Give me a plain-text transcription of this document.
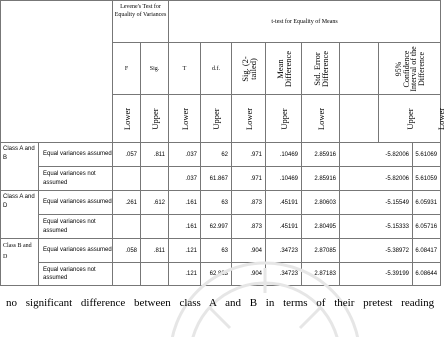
		Levene's Test for Equality of Variances		t-test for Equality of Means								
		F	Sig.	T	d.f.	Sig. (2-tailed)	Mean Difference	Std. Error Difference		95% Confidence Interval of the Difference		

		Lower	Upper	Lower	Upper	Lower	Upper	Lower		Upper		Lower

Class A and B	Equal variances assumed	.057	.811	.037	62	.971	.10469	2.85916	-5.82006		5.61069	
	Equal variances not assumed			.037	61.867	.971	.10469	2.85916	-5.82006		5.61059	
Class A and D	Equal variances assumed	.261	.612	.161	63	.873	.45191	2.80603	-5.15549		6.05931	
	Equal variances not assumed			.161	62.997	.873	.45191	2.80495	-5.15333		6.05716	
Class B and D	Equal variances assumed	.058	.811	.121	63	.904	.34723	2.87085	-5.38972		6.08417	
	Equal variances not assumed			.121	62.823	.904	.34723	2.87183	-5.39199		6.08644	
no significant difference between class A and B in terms of their pretest reading
